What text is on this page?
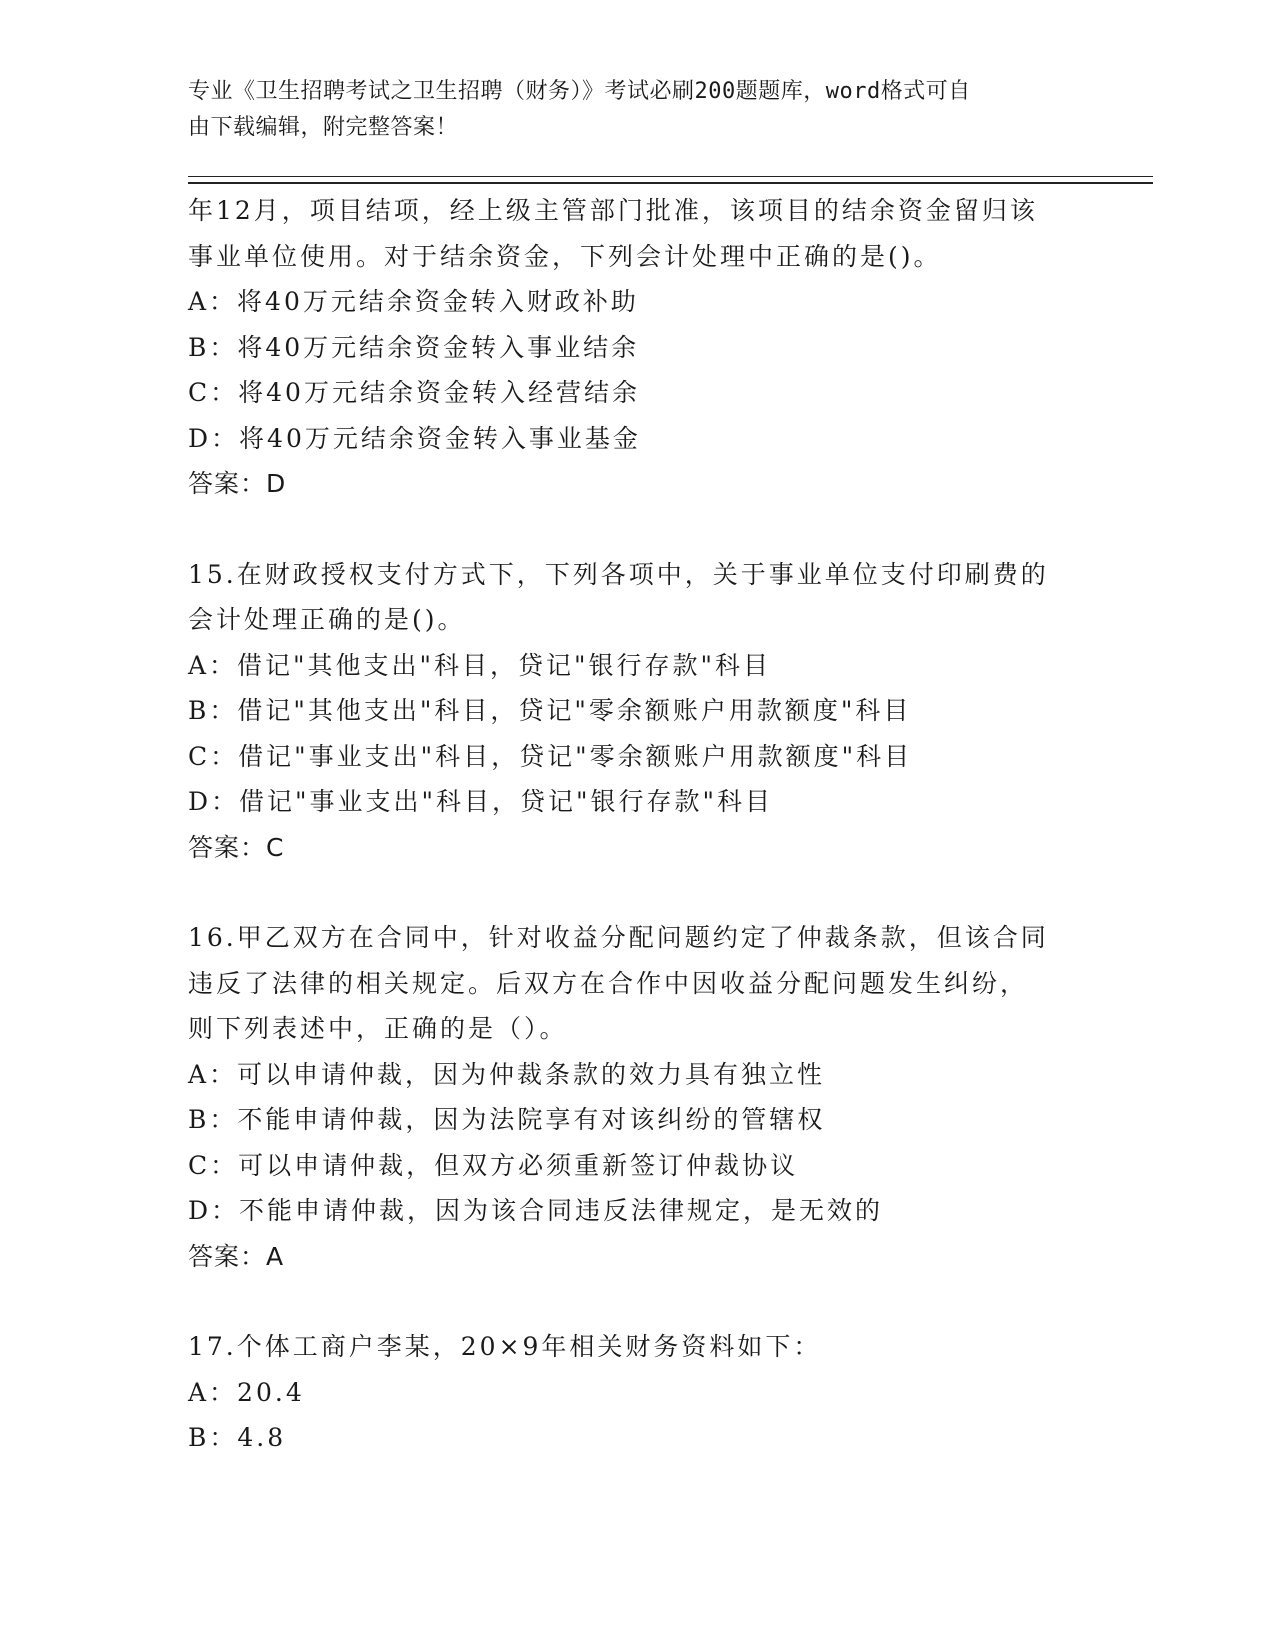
专业《卫生招聘考试之卫生招聘（财务）》考试必刷200题题库，word格式可自
由下载编辑，附完整答案！

年12月，项目结项，经上级主管部门批准，该项目的结余资金留归该

事业单位使用。对于结余资金，下列会计处理中正确的是()。

A：将40万元结余资金转入财政补助

B：将40万元结余资金转入事业结余

C：将40万元结余资金转入经营结余

D：将40万元结余资金转入事业基金

答案：D

15.在财政授权支付方式下，下列各项中，关于事业单位支付印刷费的

会计处理正确的是()。

A：借记"其他支出"科目，贷记"银行存款"科目

B：借记"其他支出"科目，贷记"零余额账户用款额度"科目

C：借记"事业支出"科目，贷记"零余额账户用款额度"科目

D：借记"事业支出"科目，贷记"银行存款"科目

答案：C

16.甲乙双方在合同中，针对收益分配问题约定了仲裁条款，但该合同

违反了法律的相关规定。后双方在合作中因收益分配问题发生纠纷，

则下列表述中，正确的是（）。

A：可以申请仲裁，因为仲裁条款的效力具有独立性

B：不能申请仲裁，因为法院享有对该纠纷的管辖权

C：可以申请仲裁，但双方必须重新签订仲裁协议

D：不能申请仲裁，因为该合同违反法律规定，是无效的

答案：A

17.个体工商户李某，20×9年相关财务资料如下：

A：20.4

B：4.8
